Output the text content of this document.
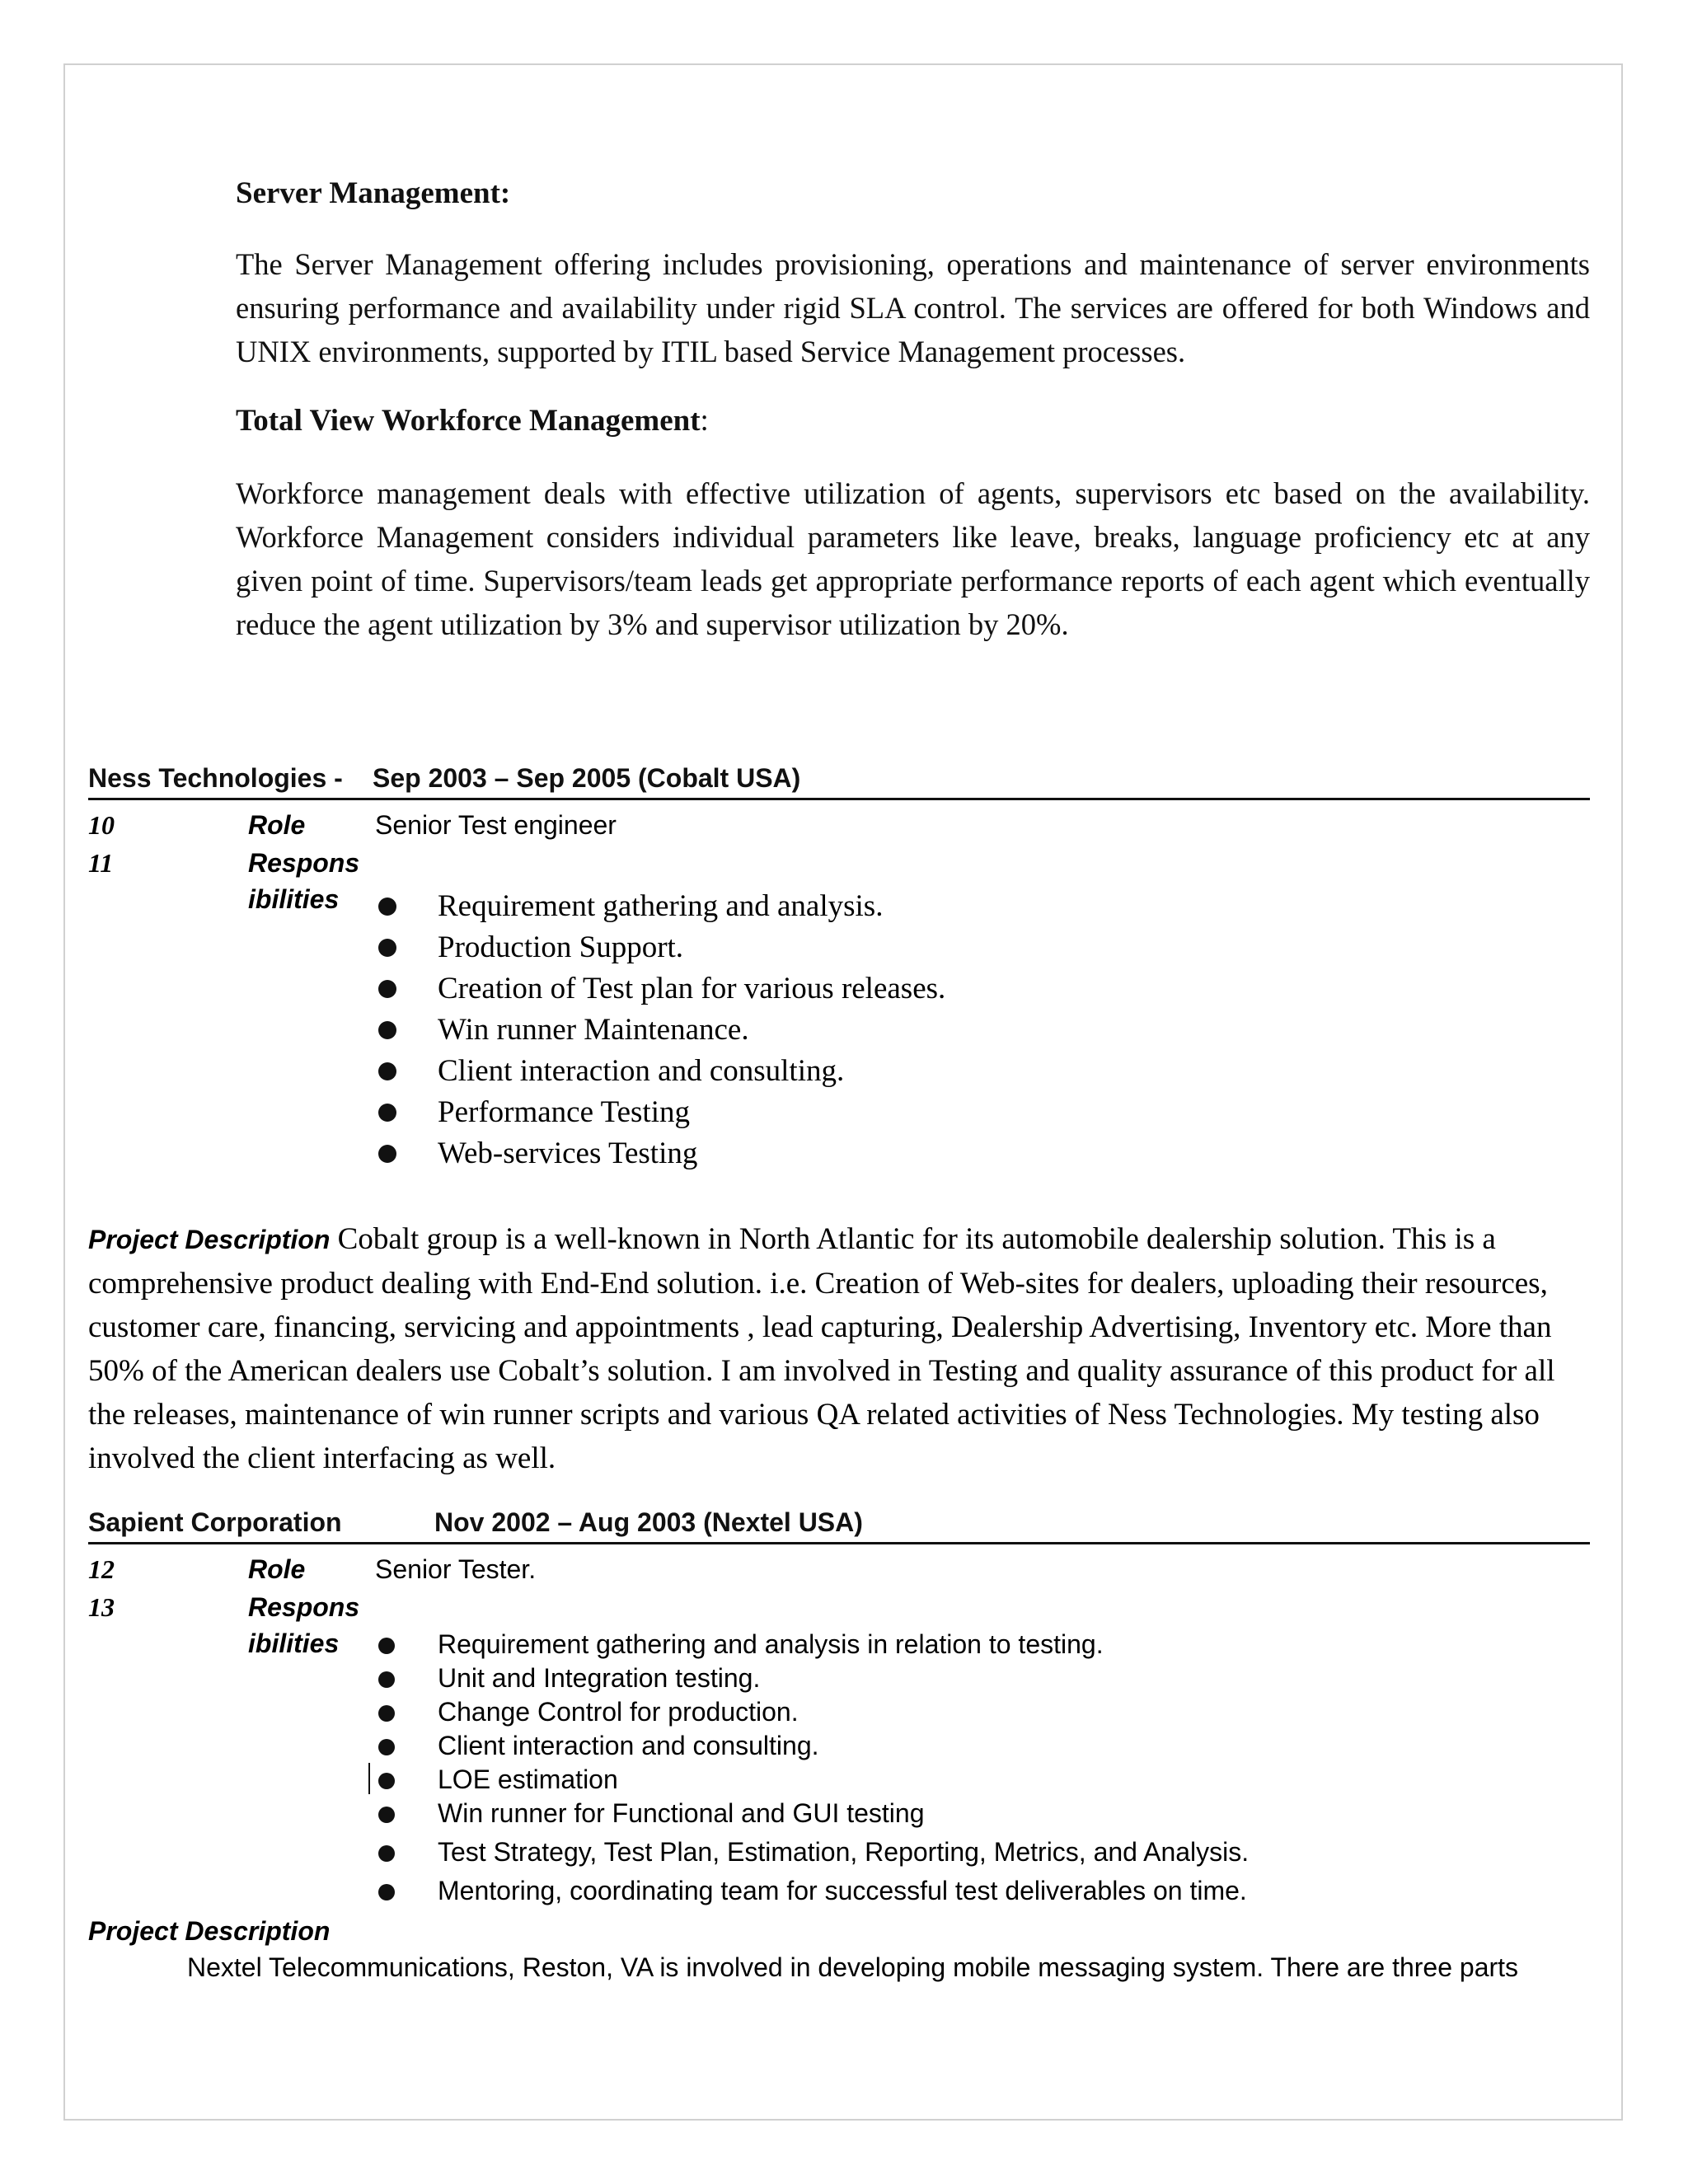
Server Management:
The Server Management offering includes provisioning, operations and maintenance of server environments ensuring performance and availability under rigid SLA control. The services are offered for both Windows and UNIX environments, supported by ITIL based Service Management processes.
Total View Workforce Management:
Workforce management deals with effective utilization of agents, supervisors etc based on the availability. Workforce Management considers individual parameters like leave, breaks, language proficiency etc at any given point of time. Supervisors/team leads get appropriate performance reports of each agent which eventually reduce the agent utilization by 3% and supervisor utilization by 20%.
Ness Technologies - Sep 2003 – Sep 2005 (Cobalt USA)
10	Role	Senior Test engineer
11	Respons
ibilities	Requirement gathering and analysis.
Production Support.
Creation of Test plan for various releases.
Win runner Maintenance.
Client interaction and consulting.
Performance Testing
Web-services Testing
Project Description Cobalt group is a well-known in North Atlantic for its automobile dealership solution. This is a comprehensive product dealing with End-End solution. i.e. Creation of Web-sites for dealers, uploading their resources, customer care, financing, servicing and appointments , lead capturing, Dealership Advertising, Inventory etc. More than 50% of the American dealers use Cobalt’s solution. I am involved in Testing and quality assurance of this product for all the releases, maintenance of win runner scripts and various QA related activities of Ness Technologies. My testing also involved the client interfacing as well.
Sapient Corporation	Nov 2002 – Aug 2003 (Nextel USA)
12	Role	Senior Tester.
13	Respons
ibilities	Requirement gathering and analysis in relation to testing.
Unit and Integration testing.
Change Control for production.
Client interaction and consulting.
LOE estimation
Win runner for Functional and GUI testing
Test Strategy, Test Plan, Estimation, Reporting, Metrics, and Analysis.
Mentoring, coordinating team for successful test deliverables on time.
Project Description
Nextel Telecommunications, Reston, VA is involved in developing mobile messaging system. There are three parts
